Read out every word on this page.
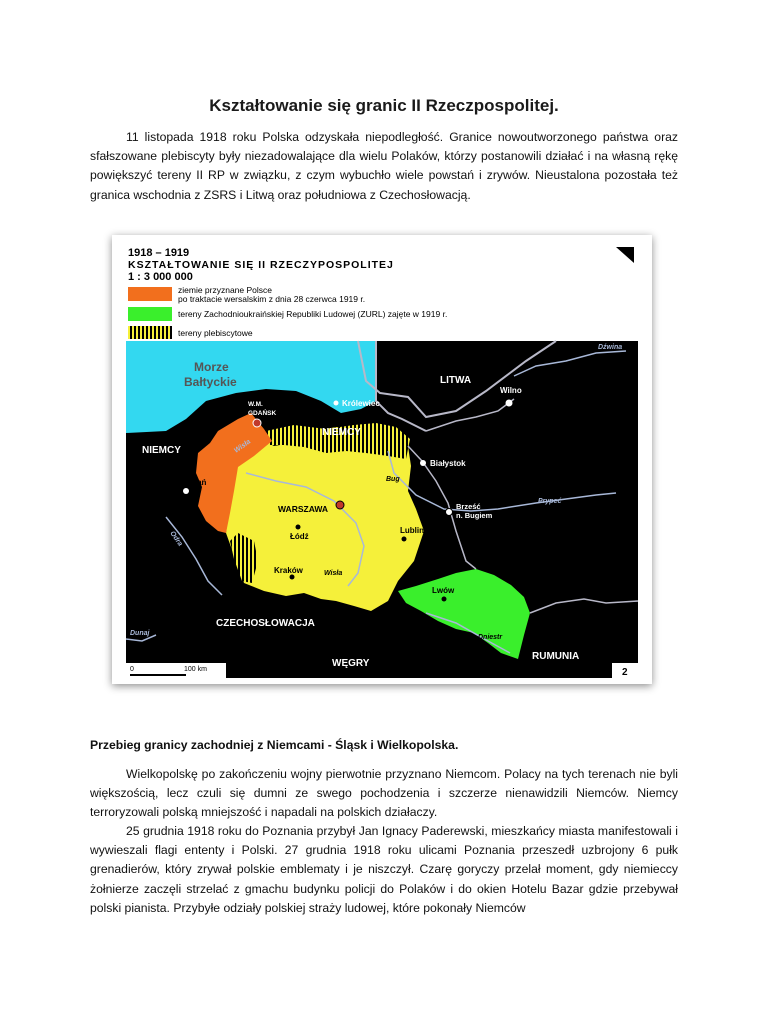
Kształtowanie się granic II Rzeczpospolitej.

11 listopada 1918 roku Polska odzyskała niepodległość. Granice nowoutworzonego państwa oraz sfałszowane plebiscyty były niezadowalające dla wielu Polaków, którzy postanowili działać i na własną rękę powiększyć tereny II RP w związku, z czym wybuchło wiele powstań i zrywów. Nieustalona pozostała też granica wschodnia z ZSRS i Litwą oraz południowa z Czechosłowacją.

1918 – 1919
KSZTAŁTOWANIE SIĘ II RZECZYPOSPOLITEJ
1 : 3 000 000
ziemie przyznane Polsce
po traktacie wersalskim z dnia 28 czerwca 1919 r.
tereny Zachodnioukraińskiej Republiki Ludowej (ZURL) zajęte w 1919 r.
tereny plebiscytowe
Morze
Bałtyckie
W.M.
GDAŃSK
Królewiec
NIEMCY
NIEMCY
LITWA
Wilno
Dźwina
Białystok
Bug
Brześć
n. Bugiem
Prypeć
Poznań
WARSZAWA
Łódź
Lublin
Wisła
Wisła
Odra
Kraków
Lwów
Dniestr
Dunaj
CZECHOSŁOWACJA
WĘGRY
RUMUNIA
0	100 km	2
Przebieg granicy zachodniej z Niemcami - Śląsk i Wielkopolska.

Wielkopolskę po zakończeniu wojny pierwotnie przyznano Niemcom. Polacy na tych terenach nie byli większością, lecz czuli się dumni ze swego pochodzenia i szczerze nienawidzili Niemców. Niemcy terroryzowali polską mniejszość i napadali na polskich działaczy.

25 grudnia 1918 roku do Poznania przybył Jan Ignacy Paderewski, mieszkańcy miasta manifestowali i wywieszali flagi ententy i Polski. 27 grudnia 1918 roku ulicami Poznania przeszedł uzbrojony 6 pułk grenadierów, który zrywał polskie emblematy i je niszczył. Czarę goryczy przelał moment, gdy niemieccy żołnierze zaczęli strzelać z gmachu budynku policji do Polaków i do okien Hotelu Bazar gdzie przebywał polski pianista. Przybyłe odziały polskiej straży ludowej, które pokonały Niemców
